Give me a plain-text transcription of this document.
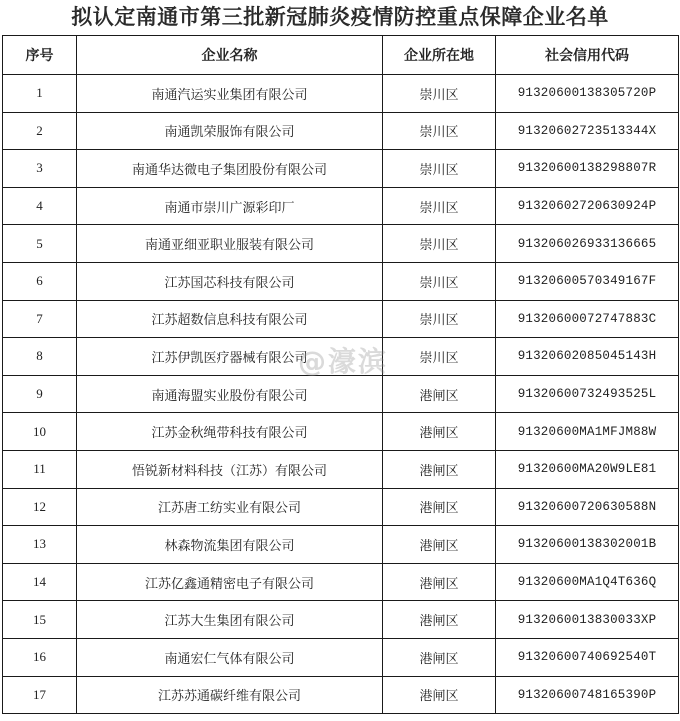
拟认定南通市第三批新冠肺炎疫情防控重点保障企业名单
序号	企业名称	企业所在地	社会信用代码
1	南通汽运实业集团有限公司	崇川区	91320600138305720P
2	南通凯荣服饰有限公司	崇川区	91320602723513344X
3	南通华达微电子集团股份有限公司	崇川区	91320600138298807R
4	南通市崇川广源彩印厂	崇川区	91320602720630924P
5	南通亚细亚职业服装有限公司	崇川区	913206026933136665
6	江苏国芯科技有限公司	崇川区	91320600570349167F
7	江苏超数信息科技有限公司	崇川区	91320600072747883C
8	江苏伊凯医疗器械有限公司	崇川区	91320602085045143H
9	南通海盟实业股份有限公司	港闸区	91320600732493525L
10	江苏金秋绳带科技有限公司	港闸区	91320600MA1MFJM88W
11	悟锐新材料科技（江苏）有限公司	港闸区	91320600MA20W9LE81
12	江苏唐工纺实业有限公司	港闸区	91320600720630588N
13	林森物流集团有限公司	港闸区	91320600138302001B
14	江苏亿鑫通精密电子有限公司	港闸区	91320600MA1Q4T636Q
15	江苏大生集团有限公司	港闸区	9132060013830033XP
16	南通宏仁气体有限公司	港闸区	91320600740692540T
17	江苏苏通碳纤维有限公司	港闸区	91320600748165390P
@濠滨
